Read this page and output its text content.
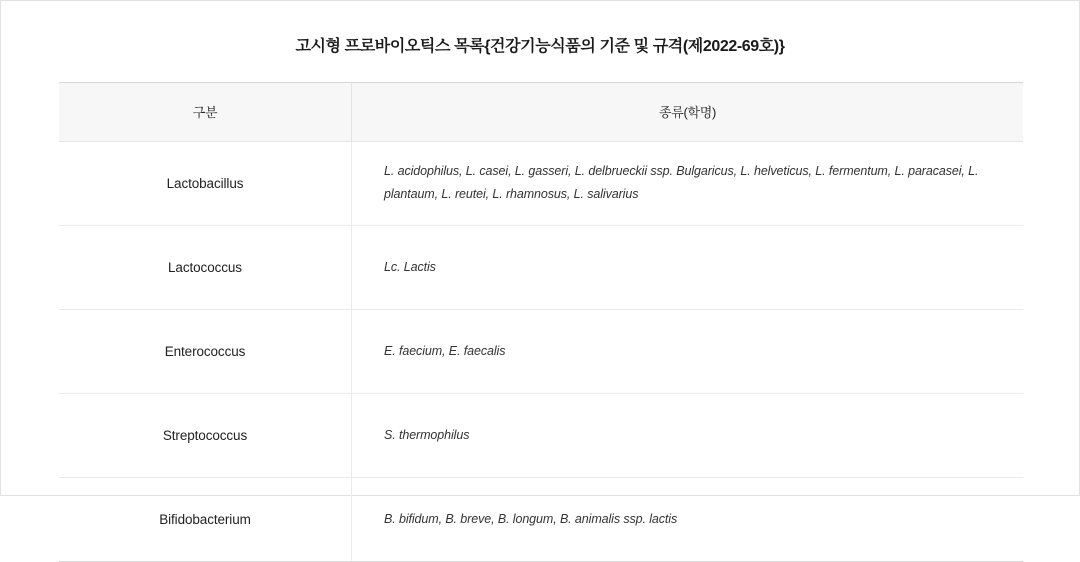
고시형 프로바이오틱스 목록{건강기능식품의 기준 및 규격(제2022-69호)}
구분	종류(학명)
Lactobacillus	L. acidophilus, L. casei, L. gasseri, L. delbrueckii ssp. Bulgaricus, L. helveticus, L. fermentum, L. paracasei, L. plantaum, L. reutei, L. rhamnosus, L. salivarius
Lactococcus	Lc. Lactis
Enterococcus	E. faecium, E. faecalis
Streptococcus	S. thermophilus
Bifidobacterium	B. bifidum, B. breve, B. longum, B. animalis ssp. lactis
